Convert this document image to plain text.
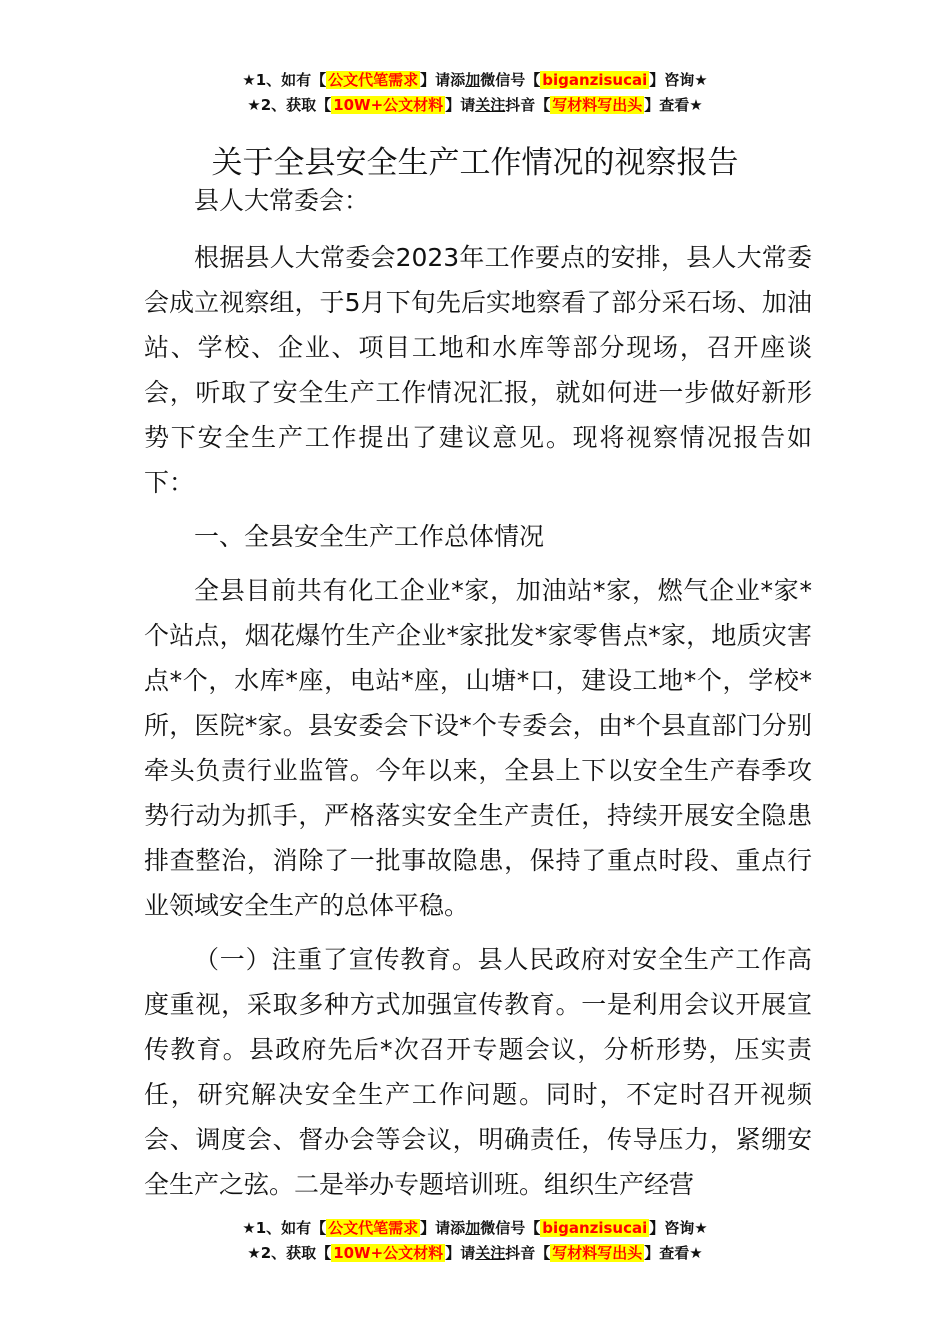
★1、如有【 公文代笔需求 】请添加微信号【 biganzisucai 】咨询★
★2、获取【 10W+公文材料 】请关注抖音【 写材料写出头 】查看★
关于全县安全生产工作情况的视察报告

县人大常委会：

根据县人大常委会2023年工作要点的安排，县人大常委会成立视察组，于5月下旬先后实地察看了部分采石场、加油站、学校、企业、项目工地和水库等部分现场，召开座谈会，听取了安全生产工作情况汇报，就如何进一步做好新形势下安全生产工作提出了建议意见。现将视察情况报告如下：

一、全县安全生产工作总体情况

全县目前共有化工企业*家，加油站*家，燃气企业*家*个站点，烟花爆竹生产企业*家批发*家零售点*家，地质灾害点*个，水库*座，电站*座，山塘*口，建设工地*个，学校*所，医院*家。县安委会下设*个专委会，由*个县直部门分别牵头负责行业监管。今年以来，全县上下以安全生产春季攻势行动为抓手，严格落实安全生产责任，持续开展安全隐患排查整治，消除了一批事故隐患，保持了重点时段、重点行业领域安全生产的总体平稳。

（一）注重了宣传教育。县人民政府对安全生产工作高度重视，采取多种方式加强宣传教育。一是利用会议开展宣传教育。县政府先后*次召开专题会议，分析形势，压实责任，研究解决安全生产工作问题。同时，不定时召开视频会、调度会、督办会等会议，明确责任，传导压力，紧绷安全生产之弦。二是举办专题培训班。组织生产经营

★1、如有【 公文代笔需求 】请添加微信号【 biganzisucai 】咨询★
★2、获取【 10W+公文材料 】请关注抖音【 写材料写出头 】查看★
